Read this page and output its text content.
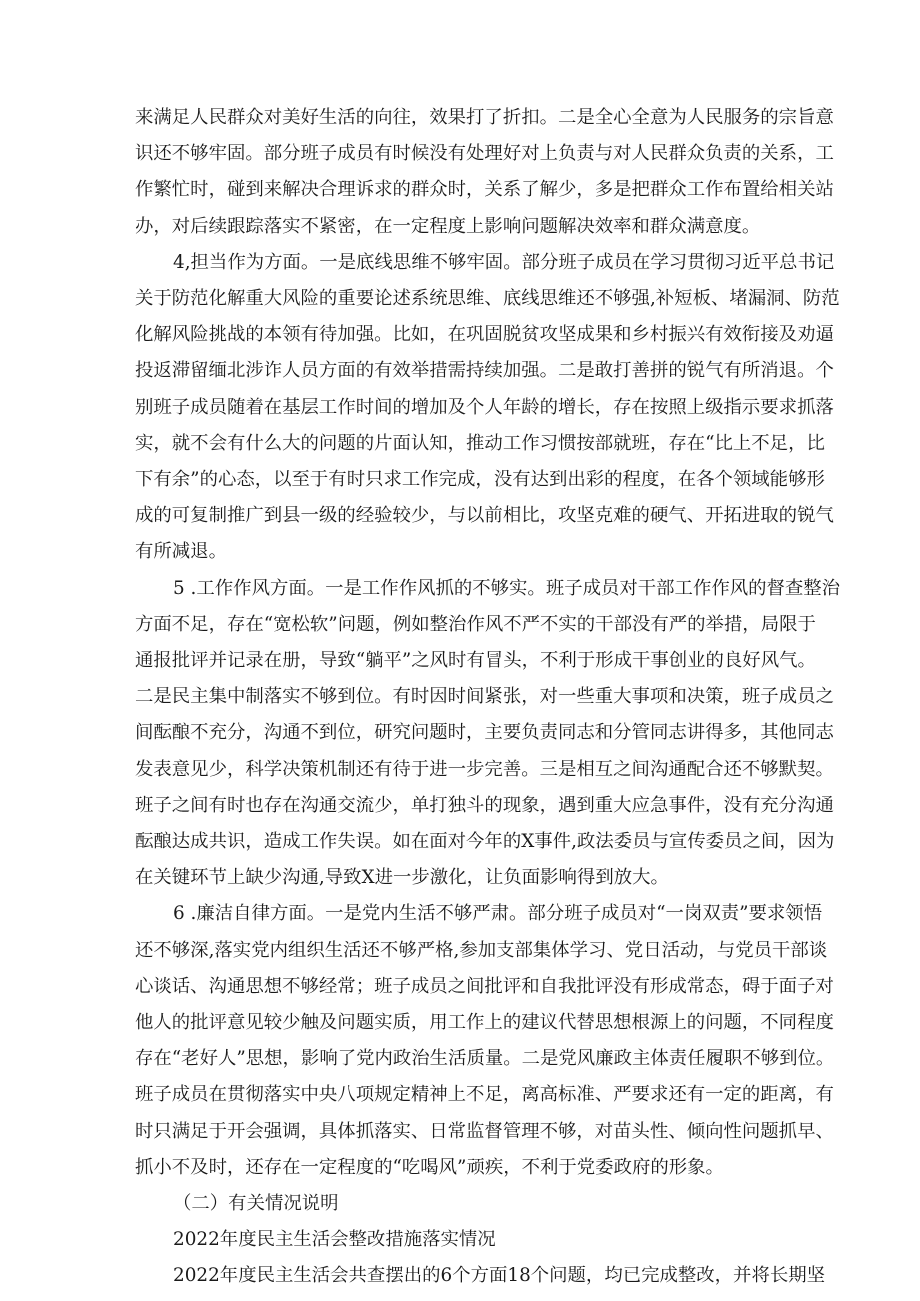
来满足人民群众对美好生活的向往，效果打了折扣。二是全心全意为人民服务的宗旨意
识还不够牢固。部分班子成员有时候没有处理好对上负责与对人民群众负责的关系，工
作繁忙时，碰到来解决合理诉求的群众时，关系了解少，多是把群众工作布置给相关站
办，对后续跟踪落实不紧密，在一定程度上影响问题解决效率和群众满意度。
4,担当作为方面。一是底线思维不够牢固。部分班子成员在学习贯彻习近平总书记
关于防范化解重大风险的重要论述系统思维、底线思维还不够强,补短板、堵漏洞、防范
化解风险挑战的本领有待加强。比如，在巩固脱贫攻坚成果和乡村振兴有效衔接及劝逼
投返滞留缅北涉诈人员方面的有效举措需持续加强。二是敢打善拼的锐气有所消退。个
别班子成员随着在基层工作时间的增加及个人年龄的增长，存在按照上级指示要求抓落
实，就不会有什么大的问题的片面认知，推动工作习惯按部就班，存在“比上不足，比
下有余”的心态，以至于有时只求工作完成，没有达到出彩的程度，在各个领域能够形
成的可复制推广到县一级的经验较少，与以前相比，攻坚克难的硬气、开拓进取的锐气
有所减退。
5 .工作作风方面。一是工作作风抓的不够实。班子成员对干部工作作风的督查整治
方面不足，存在“宽松软”问题，例如整治作风不严不实的干部没有严的举措，局限于
通报批评并记录在册，导致“躺平”之风时有冒头，不利于形成干事创业的良好风气。
二是民主集中制落实不够到位。有时因时间紧张，对一些重大事项和决策，班子成员之
间酝酿不充分，沟通不到位，研究问题时，主要负责同志和分管同志讲得多，其他同志
发表意见少，科学决策机制还有待于进一步完善。三是相互之间沟通配合还不够默契。
班子之间有时也存在沟通交流少，单打独斗的现象，遇到重大应急事件，没有充分沟通
酝酿达成共识，造成工作失误。如在面对今年的X事件,政法委员与宣传委员之间，因为
在关键环节上缺少沟通,导致X进一步激化，让负面影响得到放大。
6 .廉洁自律方面。一是党内生活不够严肃。部分班子成员对“一岗双责”要求领悟
还不够深,落实党内组织生活还不够严格,参加支部集体学习、党日活动，与党员干部谈
心谈话、沟通思想不够经常；班子成员之间批评和自我批评没有形成常态，碍于面子对
他人的批评意见较少触及问题实质，用工作上的建议代替思想根源上的问题，不同程度
存在“老好人”思想，影响了党内政治生活质量。二是党风廉政主体责任履职不够到位。
班子成员在贯彻落实中央八项规定精神上不足，离高标准、严要求还有一定的距离，有
时只满足于开会强调，具体抓落实、日常监督管理不够，对苗头性、倾向性问题抓早、
抓小不及时，还存在一定程度的“吃喝风”顽疾，不利于党委政府的形象。
（二）有关情况说明
2022年度民主生活会整改措施落实情况
2022年度民主生活会共查摆出的6个方面18个问题，均已完成整改，并将长期坚
